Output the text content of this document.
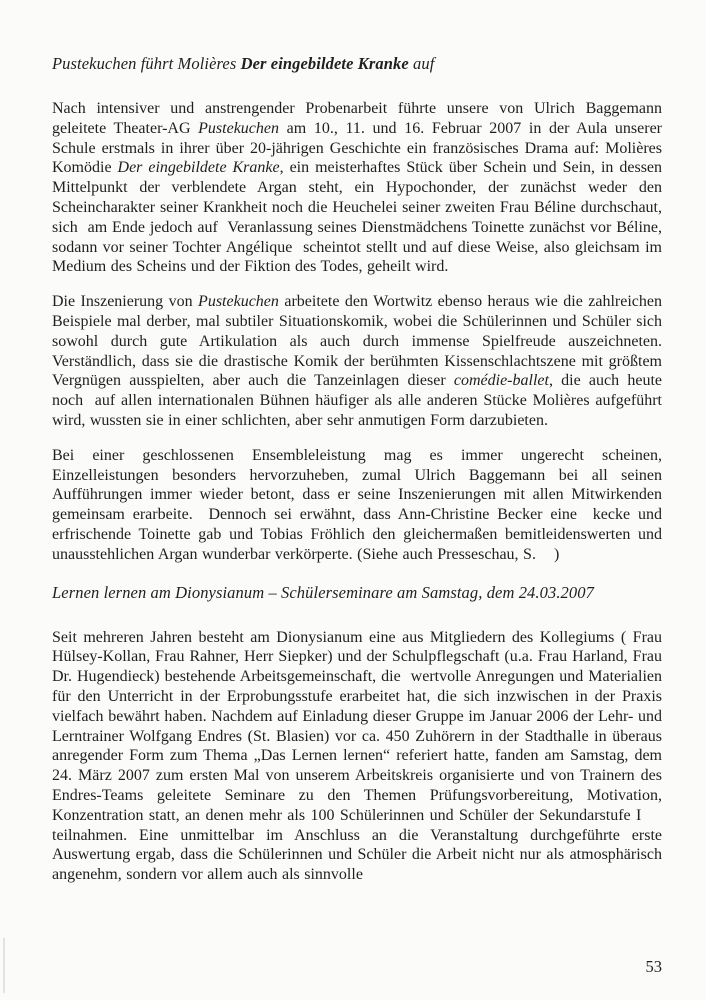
Pustekuchen führt Molières Der eingebildete Kranke auf

Nach intensiver und anstrengender Probenarbeit führte unsere von Ulrich Baggemann geleitete Theater-AG Pustekuchen am 10., 11. und 16. Februar 2007 in der Aula unserer Schule erstmals in ihrer über 20-jährigen Geschichte ein französisches Drama auf: Molières Komödie Der eingebildete Kranke, ein meisterhaftes Stück über Schein und Sein, in dessen Mittelpunkt der verblendete Argan steht, ein Hypochonder, der zunächst weder den Scheincharakter seiner Krankheit noch die Heuchelei seiner zweiten Frau Béline durchschaut, sich  am Ende jedoch auf  Veranlassung seines Dienstmädchens Toinette zunächst vor Béline, sodann vor seiner Tochter Angélique  scheintot stellt und auf diese Weise, also gleichsam im Medium des Scheins und der Fiktion des Todes, geheilt wird.

Die Inszenierung von Pustekuchen arbeitete den Wortwitz ebenso heraus wie die zahlreichen Beispiele mal derber, mal subtiler Situationskomik, wobei die Schülerinnen und Schüler sich sowohl durch gute Artikulation als auch durch immense Spielfreude auszeichneten. Verständlich, dass sie die drastische Komik der berühmten Kissenschlachtszene mit größtem Vergnügen ausspielten, aber auch die Tanzeinlagen dieser comédie-ballet, die auch heute noch  auf allen internationalen Bühnen häufiger als alle anderen Stücke Molières aufgeführt wird, wussten sie in einer schlichten, aber sehr anmutigen Form darzubieten.

Bei einer geschlossenen Ensembleleistung mag es immer ungerecht scheinen, Einzelleistungen besonders hervorzuheben, zumal Ulrich Baggemann bei all seinen Aufführungen immer wieder betont, dass er seine Inszenierungen mit allen Mitwirkenden gemeinsam erarbeite.  Dennoch sei erwähnt, dass Ann-Christine Becker eine  kecke und erfrischende Toinette gab und Tobias Fröhlich den gleichermaßen bemitleidenswerten und unausstehlichen Argan wunderbar verkörperte. (Siehe auch Presseschau, S.    )

Lernen lernen am Dionysianum – Schülerseminare am Samstag, dem 24.03.2007

Seit mehreren Jahren besteht am Dionysianum eine aus Mitgliedern des Kollegiums ( Frau Hülsey-Kollan, Frau Rahner, Herr Siepker) und der Schulpflegschaft (u.a. Frau Harland, Frau Dr. Hugendieck) bestehende Arbeitsgemeinschaft, die  wertvolle Anregungen und Materialien für den Unterricht in der Erprobungsstufe erarbeitet hat, die sich inzwischen in der Praxis vielfach bewährt haben. Nachdem auf Einladung dieser Gruppe im Januar 2006 der Lehr- und Lerntrainer Wolfgang Endres (St. Blasien) vor ca. 450 Zuhörern in der Stadthalle in überaus anregender Form zum Thema „Das Lernen lernen“ referiert hatte, fanden am Samstag, dem 24. März 2007 zum ersten Mal von unserem Arbeitskreis organisierte und von Trainern des Endres-Teams geleitete Seminare zu den Themen Prüfungsvorbereitung, Motivation, Konzentration statt, an denen mehr als 100 Schülerinnen und Schüler der Sekundarstufe I     teilnahmen. Eine unmittelbar im Anschluss an die Veranstaltung durchgeführte erste Auswertung ergab, dass die Schülerinnen und Schüler die Arbeit nicht nur als atmosphärisch angenehm, sondern vor allem auch als sinnvolle

53
